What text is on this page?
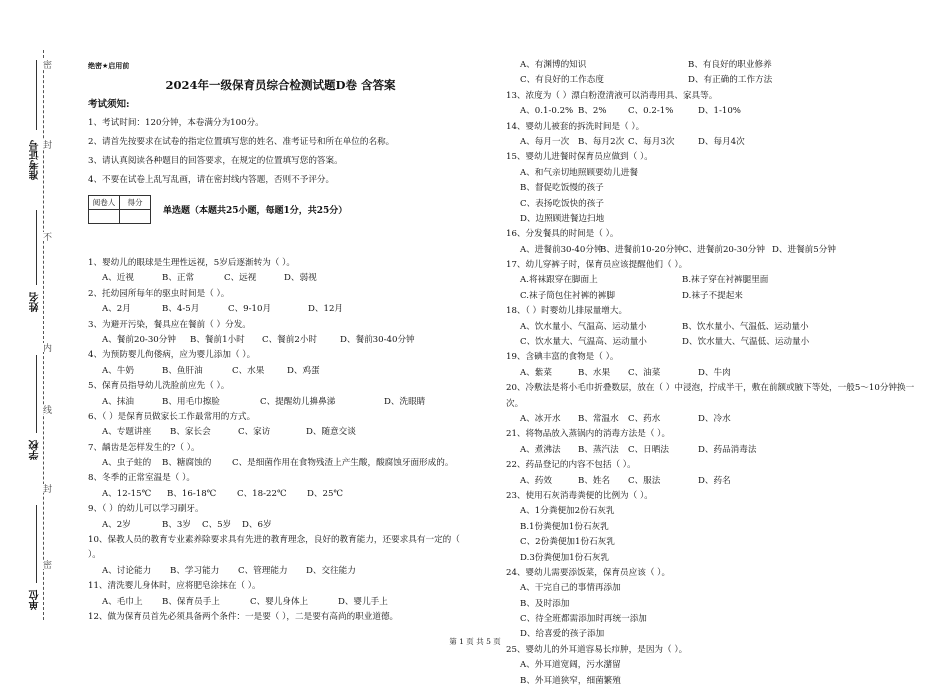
密
封
不
内
线
封
密
准考证号
姓名
学校
单位
绝密★启用前
2024年一级保育员综合检测试题D卷 含答案
考试须知:
1、考试时间：120分钟，本卷满分为100分。
2、请首先按要求在试卷的指定位置填写您的姓名、准考证号和所在单位的名称。
3、请认真阅读各种题目的回答要求，在规定的位置填写您的答案。
4、不要在试卷上乱写乱画，请在密封线内答题，否则不予评分。
阅卷人	得分

单选题（本题共25小题，每题1分，共25分）
1、婴幼儿的眼球是生理性远视，5岁后逐渐转为（ ）。
A、近视	B、正常	C、远视	D、弱视
2、托幼园所每年的驱虫时间是（ ）。
A、2月	B、4-5月	C、9-10月	D、12月
3、为避开污染，餐具应在餐前（ ）分发。
A、餐前20-30分钟	B、餐前1小时	C、餐前2小时	D、餐前30-40分钟
4、为预防婴儿佝偻病，应为婴儿添加（ ）。
A、牛奶	B、鱼肝油	C、水果	D、鸡蛋
5、保育员指导幼儿洗脸前应先（ ）。
A、抹油	B、用毛巾擦脸	C、提醒幼儿擤鼻涕	D、洗眼睛
6、（ ）是保育员做家长工作最常用的方式。
A、专题讲座	B、家长会	C、家访	D、随意交谈
7、龋齿是怎样发生的?（ ）。
A、虫子蛀的	B、糖腐蚀的	C、是细菌作用在食物残渣上产生酸，酸腐蚀牙面形成的。
8、冬季的正常室温是（ ）。
A、12-15℃	B、16-18℃	C、18-22℃	D、25℃
9、（ ）的幼儿可以学习刷牙。
A、2岁	B、3岁	C、5岁	D、6岁
10、保教人员的教育专业素养除要求具有先进的教育理念，良好的教育能力，还要求具有一定的（ ）。
A、讨论能力	B、学习能力	C、管理能力	D、交往能力
11、清洗婴儿身体时，应将肥皂涂抹在（ ）。
A、毛巾上	B、保育员手上	C、婴儿身体上	D、婴儿手上
12、做为保育员首先必须具备两个条件：一是要（ ），二是要有高尚的职业道德。
A、有渊博的知识	B、有良好的职业修养
C、有良好的工作态度	D、有正确的工作方法
13、浓度为（ ）漂白粉澄清液可以消毒用具、家具等。
A、0.1-0.2% B、2%	C、0.2-1%	D、1-10%
14、婴幼儿被套的拆洗时间是（ ）。
A、每月一次	B、每月2次 C、每月3次	D、每月4次
15、婴幼儿进餐时保育员应做到（ ）。
A、和气亲切地照顾要幼儿进餐
B、督促吃饭慢的孩子
C、表扬吃饭快的孩子
D、边照顾进餐边扫地
16、分发餐具的时间是（ ）。
A、进餐前30-40分钟
B、进餐前10-20分钟 C、进餐前20-30分钟 D、进餐前5分钟
17、幼儿穿裤子时，保育员应该提醒他们（ ）。
A.将袜跟穿在脚面上	B.袜子穿在衬裤腿里面
C.袜子筒包住衬裤的裤脚	D.袜子不提起来
18、（ ）时婴幼儿排尿量增大。
A、饮水量小、气温高、运动量小	B、饮水量小、气温低、运动量小
C、饮水量大、气温高、运动量小	D、饮水量大、气温低、运动量小
19、含碘丰富的食物是（ ）。
A、紫菜	B、水果	C、油菜	D、牛肉
20、冷敷法是将小毛巾折叠数层，放在（ ）中浸泡，拧成半干，敷在前额或腋下等处，一般5～10分钟换一次。
A、冰开水	B、常温水	C、药水	D、冷水
21、将物品放入蒸锅内的消毒方法是（ ）。
A、煮沸法	B、蒸汽法	C、日晒法	D、药品消毒法
22、药品登记的内容不包括（ ）。
A、药效	B、姓名	C、服法	D、药名
23、使用石灰消毒粪便的比例为（ ）。
A、1分粪便加2份石灰乳
B.1份粪便加1份石灰乳
C、2份粪便加1份石灰乳
D.3份粪便加1份石灰乳
24、婴幼儿需要添饭菜，保育员应该（ ）。
A、干完自己的事情再添加
B、及时添加
C、待全班都需添加时再统一添加
D、给喜爱的孩子添加
25、婴幼儿的外耳道容易长疖肿，是因为（ ）。
A、外耳道宽阔，污水潴留
B、外耳道狭窄，细菌繁殖
第 1 页 共 5 页
